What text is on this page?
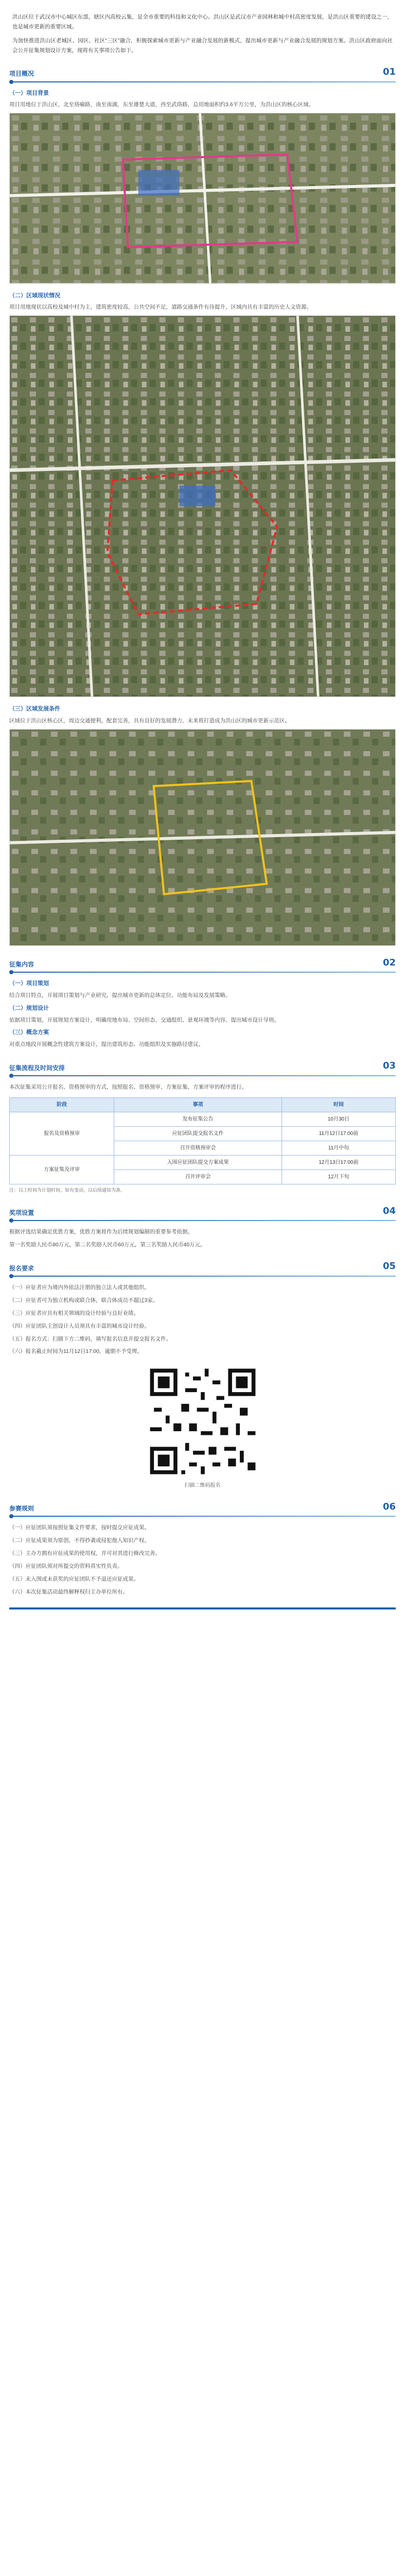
洪山区位于武汉市中心城区东部，辖区内高校云集，是全市重要的科技和文化中心。洪山区是武汉市产业园林和城中村高密度发展，是洪山区重要的建设之一，也是城市更新的重要区域。

为加快推进洪山区老城区、园区、社区“三区”融合，积极探索城市更新与产业融合发展的新模式，提出城市更新与产业融合发展的规划方案。洪山区政府面向社会公开征集规划设计方案，现将有关事项公告如下。

项目概况	01
（一）项目背景
项目用地位于洪山区，北至珞喻路，南至南湖，东至雄楚大道，西至武珞路，总用地面积约3.6平方公里，为洪山区的核心区域。
（二）区域现状情况
项目用地现状以高校及城中村为主，建筑密度较高，公共空间不足，道路交通条件有待提升，区域内具有丰富的历史人文资源。
（三）区域发展条件
区域位于洪山区核心区，周边交通便利，配套完善，具有良好的发展潜力，未来将打造成为洪山区的城市更新示范区。
征集内容	02
（一）项目策划
结合项目特点，开展项目策划与产业研究，提出城市更新的总体定位、功能布局及发展策略。
（二）规划设计
依据项目策划，开展规划方案设计，明确用地布局、空间形态、交通组织、景观环境等内容，提出城市设计导则。
（三）概念方案
对重点地段开展概念性建筑方案设计，提出建筑形态、功能组织及实施路径建议。
征集流程及时间安排	03
本次征集采用公开报名、资格预审的方式，按照报名、资格预审、方案征集、方案评审的程序进行。
阶段	事项	时间
报名及资格预审	发布征集公告	10月30日
	应征团队提交报名文件	11月12日17:00前
	召开资格预审会	11月中旬
方案征集及评审	入围应征团队提交方案成果	12月13日17:00前
	召开评审会	12月下旬
注：以上时间为计划时间，如有变动，以后续通知为准。
奖项设置	04
根据评选结果确定优胜方案，优胜方案将作为后续规划编制的重要参考依据。
第一名奖励人民币80万元，第二名奖励人民币60万元，第三名奖励人民币40万元。
报名要求	05
（一）应征者应为境内外依法注册的独立法人或其他组织。
（二）应征者可为独立机构或联合体，联合体成员不超过3家。
（三）应征者应具有相关领域的设计经验与良好业绩。
（四）应征团队主创设计人员须具有丰富的城市设计经验。
（五）报名方式：扫描下方二维码，填写报名信息并提交报名文件。
（六）报名截止时间为11月12日17:00，逾期不予受理。
扫描二维码报名
参赛规则	06
（一）应征团队须按照征集文件要求，按时提交应征成果。
（二）应征成果须为原创，不得抄袭或侵犯他人知识产权。
（三）主办方拥有应征成果的使用权，并可对其进行修改完善。
（四）应征团队须对所提交的资料真实性负责。
（五）未入围或未获奖的应征团队不予退还应征成果。
（六）本次征集活动最终解释权归主办单位所有。
